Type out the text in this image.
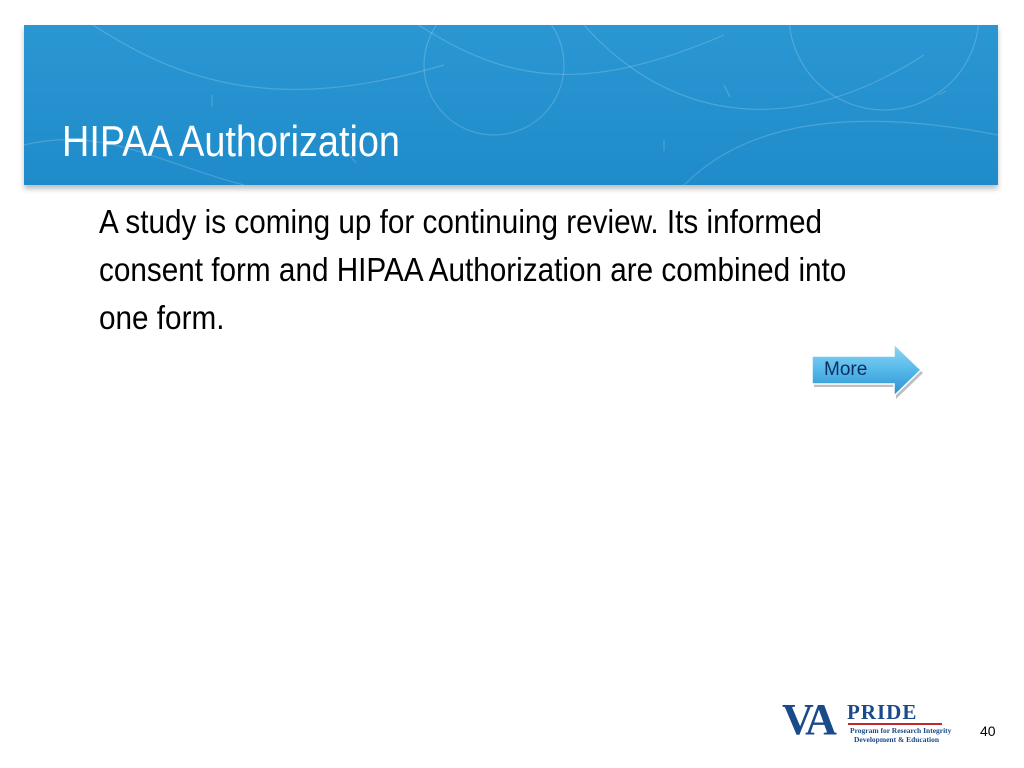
HIPAA Authorization

A study is coming up for continuing review. Its informed consent form and HIPAA Authorization are combined into one form.

More
VA PRIDE
Program for Research Integrity
Development & Education
40
